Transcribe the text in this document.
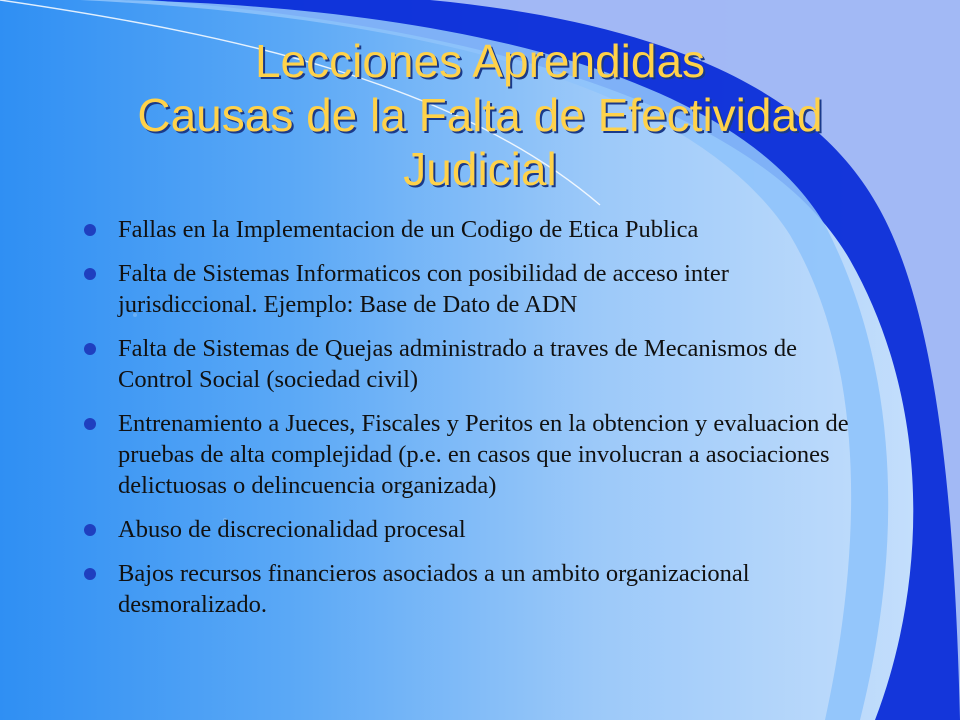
Lecciones Aprendidas
Causas de la Falta de Efectividad
Judicial
Fallas en la Implementacion de un Codigo de Etica Publica
Falta de Sistemas Informaticos con posibilidad de acceso inter jurisdiccional. Ejemplo: Base de Dato de ADN
Falta de Sistemas de Quejas administrado a traves de Mecanismos de Control Social (sociedad civil)
Entrenamiento a Jueces, Fiscales y Peritos en la obtencion y evaluacion de pruebas de alta complejidad (p.e. en casos que involucran a asociaciones delictuosas o delincuencia organizada)
Abuso de discrecionalidad procesal
Bajos recursos financieros asociados a un ambito organizacional desmoralizado.
